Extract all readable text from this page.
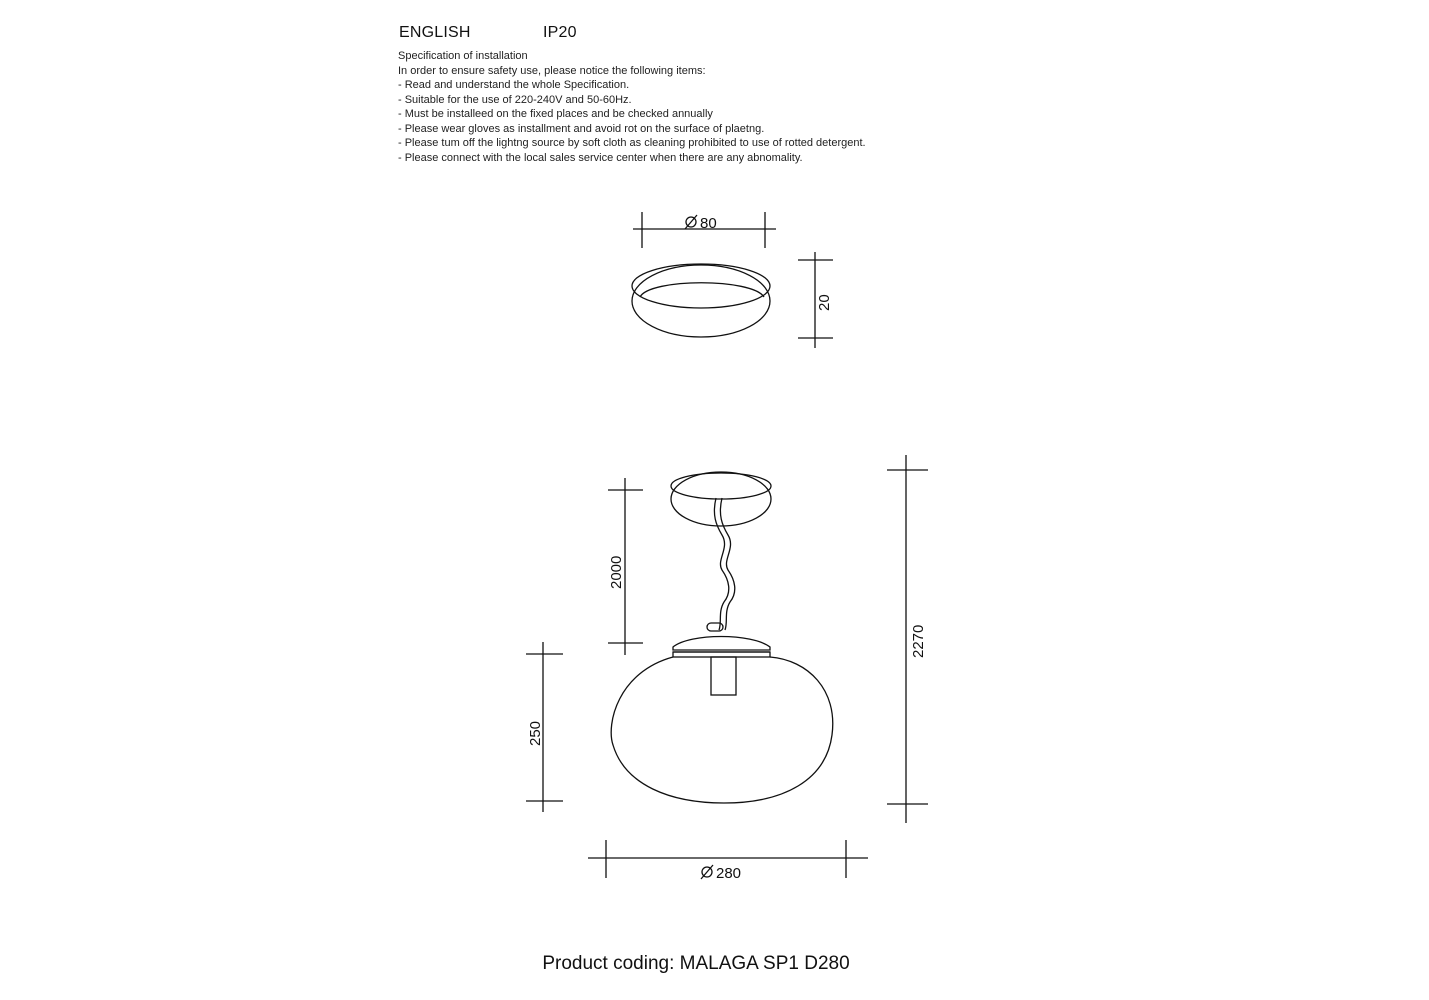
ENGLISH	IP20
Specification of installation
In order to ensure safety use, please notice the following items:
- Read and understand the whole Specification.
- Suitable for the use of 220-240V and 50-60Hz.
- Must be installeed on the fixed places and be checked annually
- Please wear gloves as installment and avoid rot on the surface of plaetng.
- Please tum off the lightng source by soft cloth as cleaning prohibited to use of rotted detergent.
- Please connect with the local sales service center when there are any abnomality.
80
20
2000
250
2270
280
Product coding: MALAGA SP1 D280
